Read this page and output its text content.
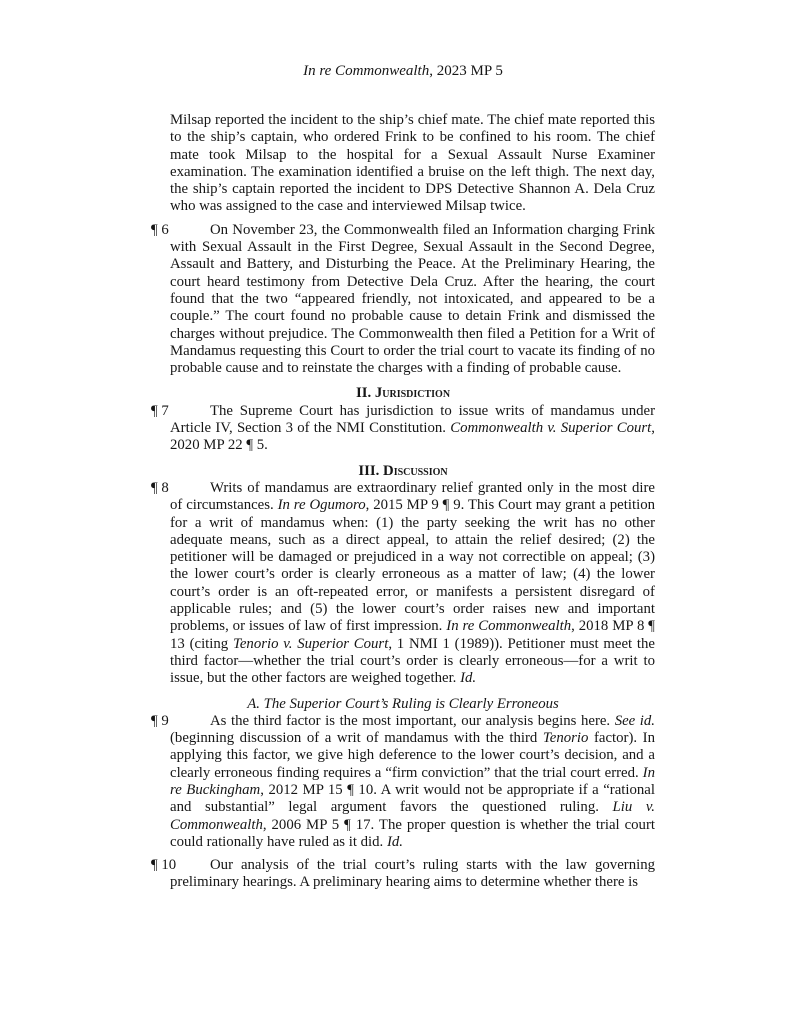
In re Commonwealth, 2023 MP 5
Milsap reported the incident to the ship’s chief mate. The chief mate reported this to the ship’s captain, who ordered Frink to be confined to his room. The chief mate took Milsap to the hospital for a Sexual Assault Nurse Examiner examination. The examination identified a bruise on the left thigh. The next day, the ship’s captain reported the incident to DPS Detective Shannon A. Dela Cruz who was assigned to the case and interviewed Milsap twice.
¶ 6	On November 23, the Commonwealth filed an Information charging Frink with Sexual Assault in the First Degree, Sexual Assault in the Second Degree, Assault and Battery, and Disturbing the Peace. At the Preliminary Hearing, the court heard testimony from Detective Dela Cruz. After the hearing, the court found that the two “appeared friendly, not intoxicated, and appeared to be a couple.” The court found no probable cause to detain Frink and dismissed the charges without prejudice. The Commonwealth then filed a Petition for a Writ of Mandamus requesting this Court to order the trial court to vacate its finding of no probable cause and to reinstate the charges with a finding of probable cause.
II. Jurisdiction
¶ 7	The Supreme Court has jurisdiction to issue writs of mandamus under Article IV, Section 3 of the NMI Constitution. Commonwealth v. Superior Court, 2020 MP 22 ¶ 5.
III. Discussion
¶ 8	Writs of mandamus are extraordinary relief granted only in the most dire of circumstances. In re Ogumoro, 2015 MP 9 ¶ 9. This Court may grant a petition for a writ of mandamus when: (1) the party seeking the writ has no other adequate means, such as a direct appeal, to attain the relief desired; (2) the petitioner will be damaged or prejudiced in a way not correctible on appeal; (3) the lower court’s order is clearly erroneous as a matter of law; (4) the lower court’s order is an oft-repeated error, or manifests a persistent disregard of applicable rules; and (5) the lower court’s order raises new and important problems, or issues of law of first impression. In re Commonwealth, 2018 MP 8 ¶ 13 (citing Tenorio v. Superior Court, 1 NMI 1 (1989)). Petitioner must meet the third factor—whether the trial court’s order is clearly erroneous—for a writ to issue, but the other factors are weighed together. Id.
A. The Superior Court’s Ruling is Clearly Erroneous
¶ 9	As the third factor is the most important, our analysis begins here. See id. (beginning discussion of a writ of mandamus with the third Tenorio factor). In applying this factor, we give high deference to the lower court’s decision, and a clearly erroneous finding requires a “firm conviction” that the trial court erred. In re Buckingham, 2012 MP 15 ¶ 10. A writ would not be appropriate if a “rational and substantial” legal argument favors the questioned ruling. Liu v. Commonwealth, 2006 MP 5 ¶ 17. The proper question is whether the trial court could rationally have ruled as it did. Id.
¶ 10 Our analysis of the trial court’s ruling starts with the law governing preliminary hearings. A preliminary hearing aims to determine whether there is
